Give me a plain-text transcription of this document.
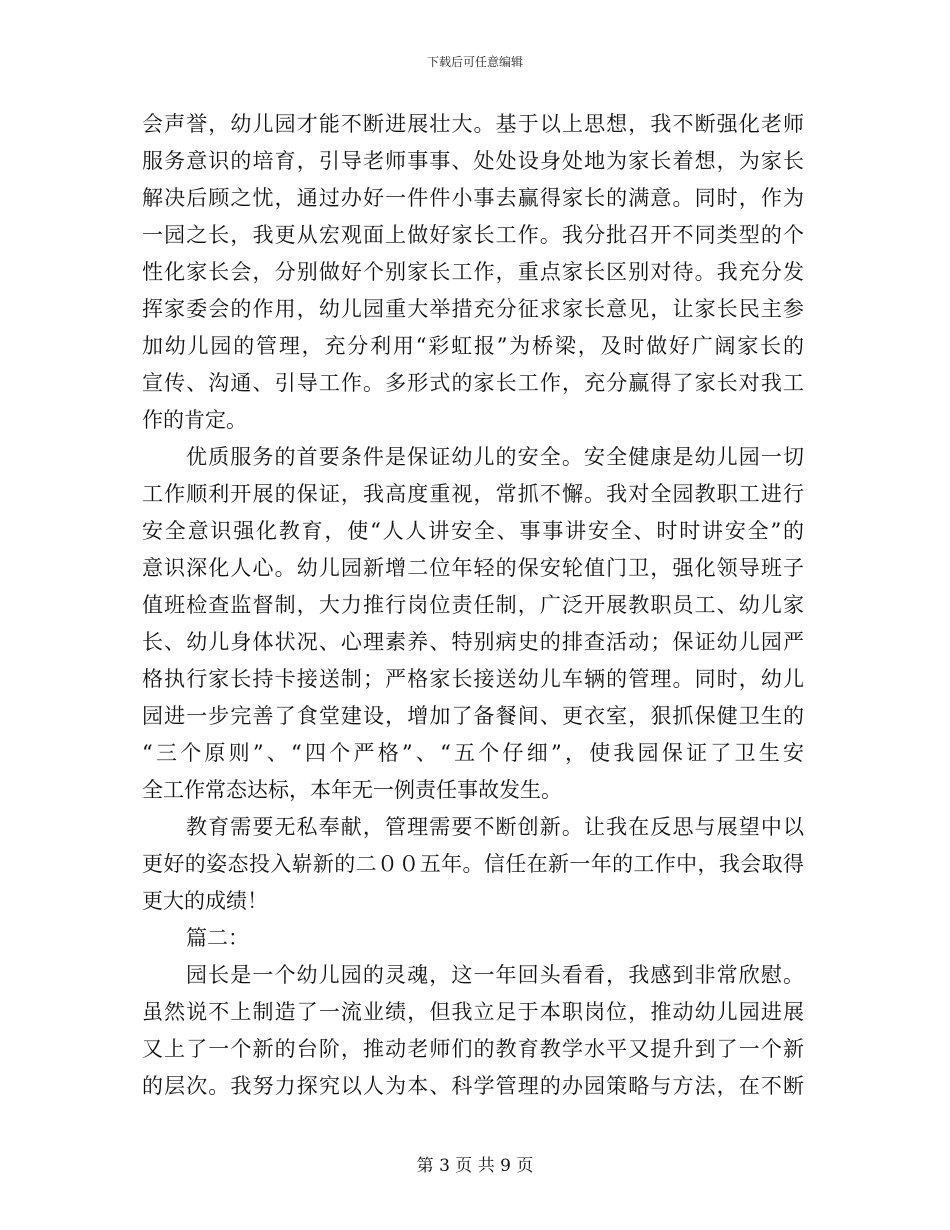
下载后可任意编辑
会声誉，幼儿园才能不断进展壮大。基于以上思想，我不断强化老师
服务意识的培育，引导老师事事、处处设身处地为家长着想，为家长
解决后顾之忧，通过办好一件件小事去赢得家长的满意。同时，作为
一园之长，我更从宏观面上做好家长工作。我分批召开不同类型的个
性化家长会，分别做好个别家长工作，重点家长区别对待。我充分发
挥家委会的作用，幼儿园重大举措充分征求家长意见，让家长民主参
加幼儿园的管理，充分利用“彩虹报”为桥梁，及时做好广阔家长的
宣传、沟通、引导工作。多形式的家长工作，充分赢得了家长对我工
作的肯定。
优质服务的首要条件是保证幼儿的安全。安全健康是幼儿园一切
工作顺利开展的保证，我高度重视，常抓不懈。我对全园教职工进行
安全意识强化教育，使“人人讲安全、事事讲安全、时时讲安全”的
意识深化人心。幼儿园新增二位年轻的保安轮值门卫，强化领导班子
值班检查监督制，大力推行岗位责任制，广泛开展教职员工、幼儿家
长、幼儿身体状况、心理素养、特别病史的排查活动；保证幼儿园严
格执行家长持卡接送制；严格家长接送幼儿车辆的管理。同时，幼儿
园进一步完善了食堂建设，增加了备餐间、更衣室，狠抓保健卫生的
“三个原则”、“四个严格”、“五个仔细”，使我园保证了卫生安
全工作常态达标，本年无一例责任事故发生。
教育需要无私奉献，管理需要不断创新。让我在反思与展望中以
更好的姿态投入崭新的二００五年。信任在新一年的工作中，我会取得
更大的成绩！
篇二：
园长是一个幼儿园的灵魂，这一年回头看看，我感到非常欣慰。
虽然说不上制造了一流业绩，但我立足于本职岗位，推动幼儿园进展
又上了一个新的台阶，推动老师们的教育教学水平又提升到了一个新
的层次。我努力探究以人为本、科学管理的办园策略与方法，在不断
第 3 页 共 9 页
